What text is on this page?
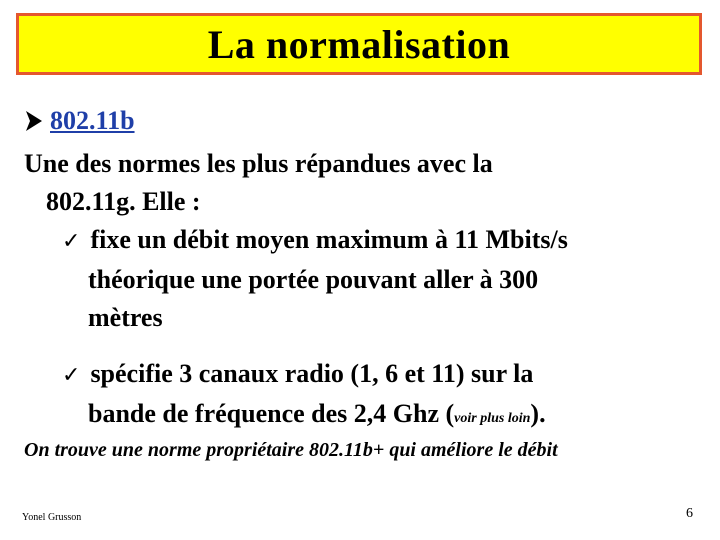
La normalisation
802.11b
Une des normes les plus répandues avec la
802.11g. Elle :
✓ fixe un débit moyen maximum à 11 Mbits/s
théorique une portée pouvant aller à 300
mètres
✓ spécifie 3 canaux radio (1, 6 et 11) sur la
bande de fréquence des 2,4 Ghz (voir plus loin).
On trouve une norme propriétaire 802.11b+ qui améliore le débit
Yonel Grusson	6
